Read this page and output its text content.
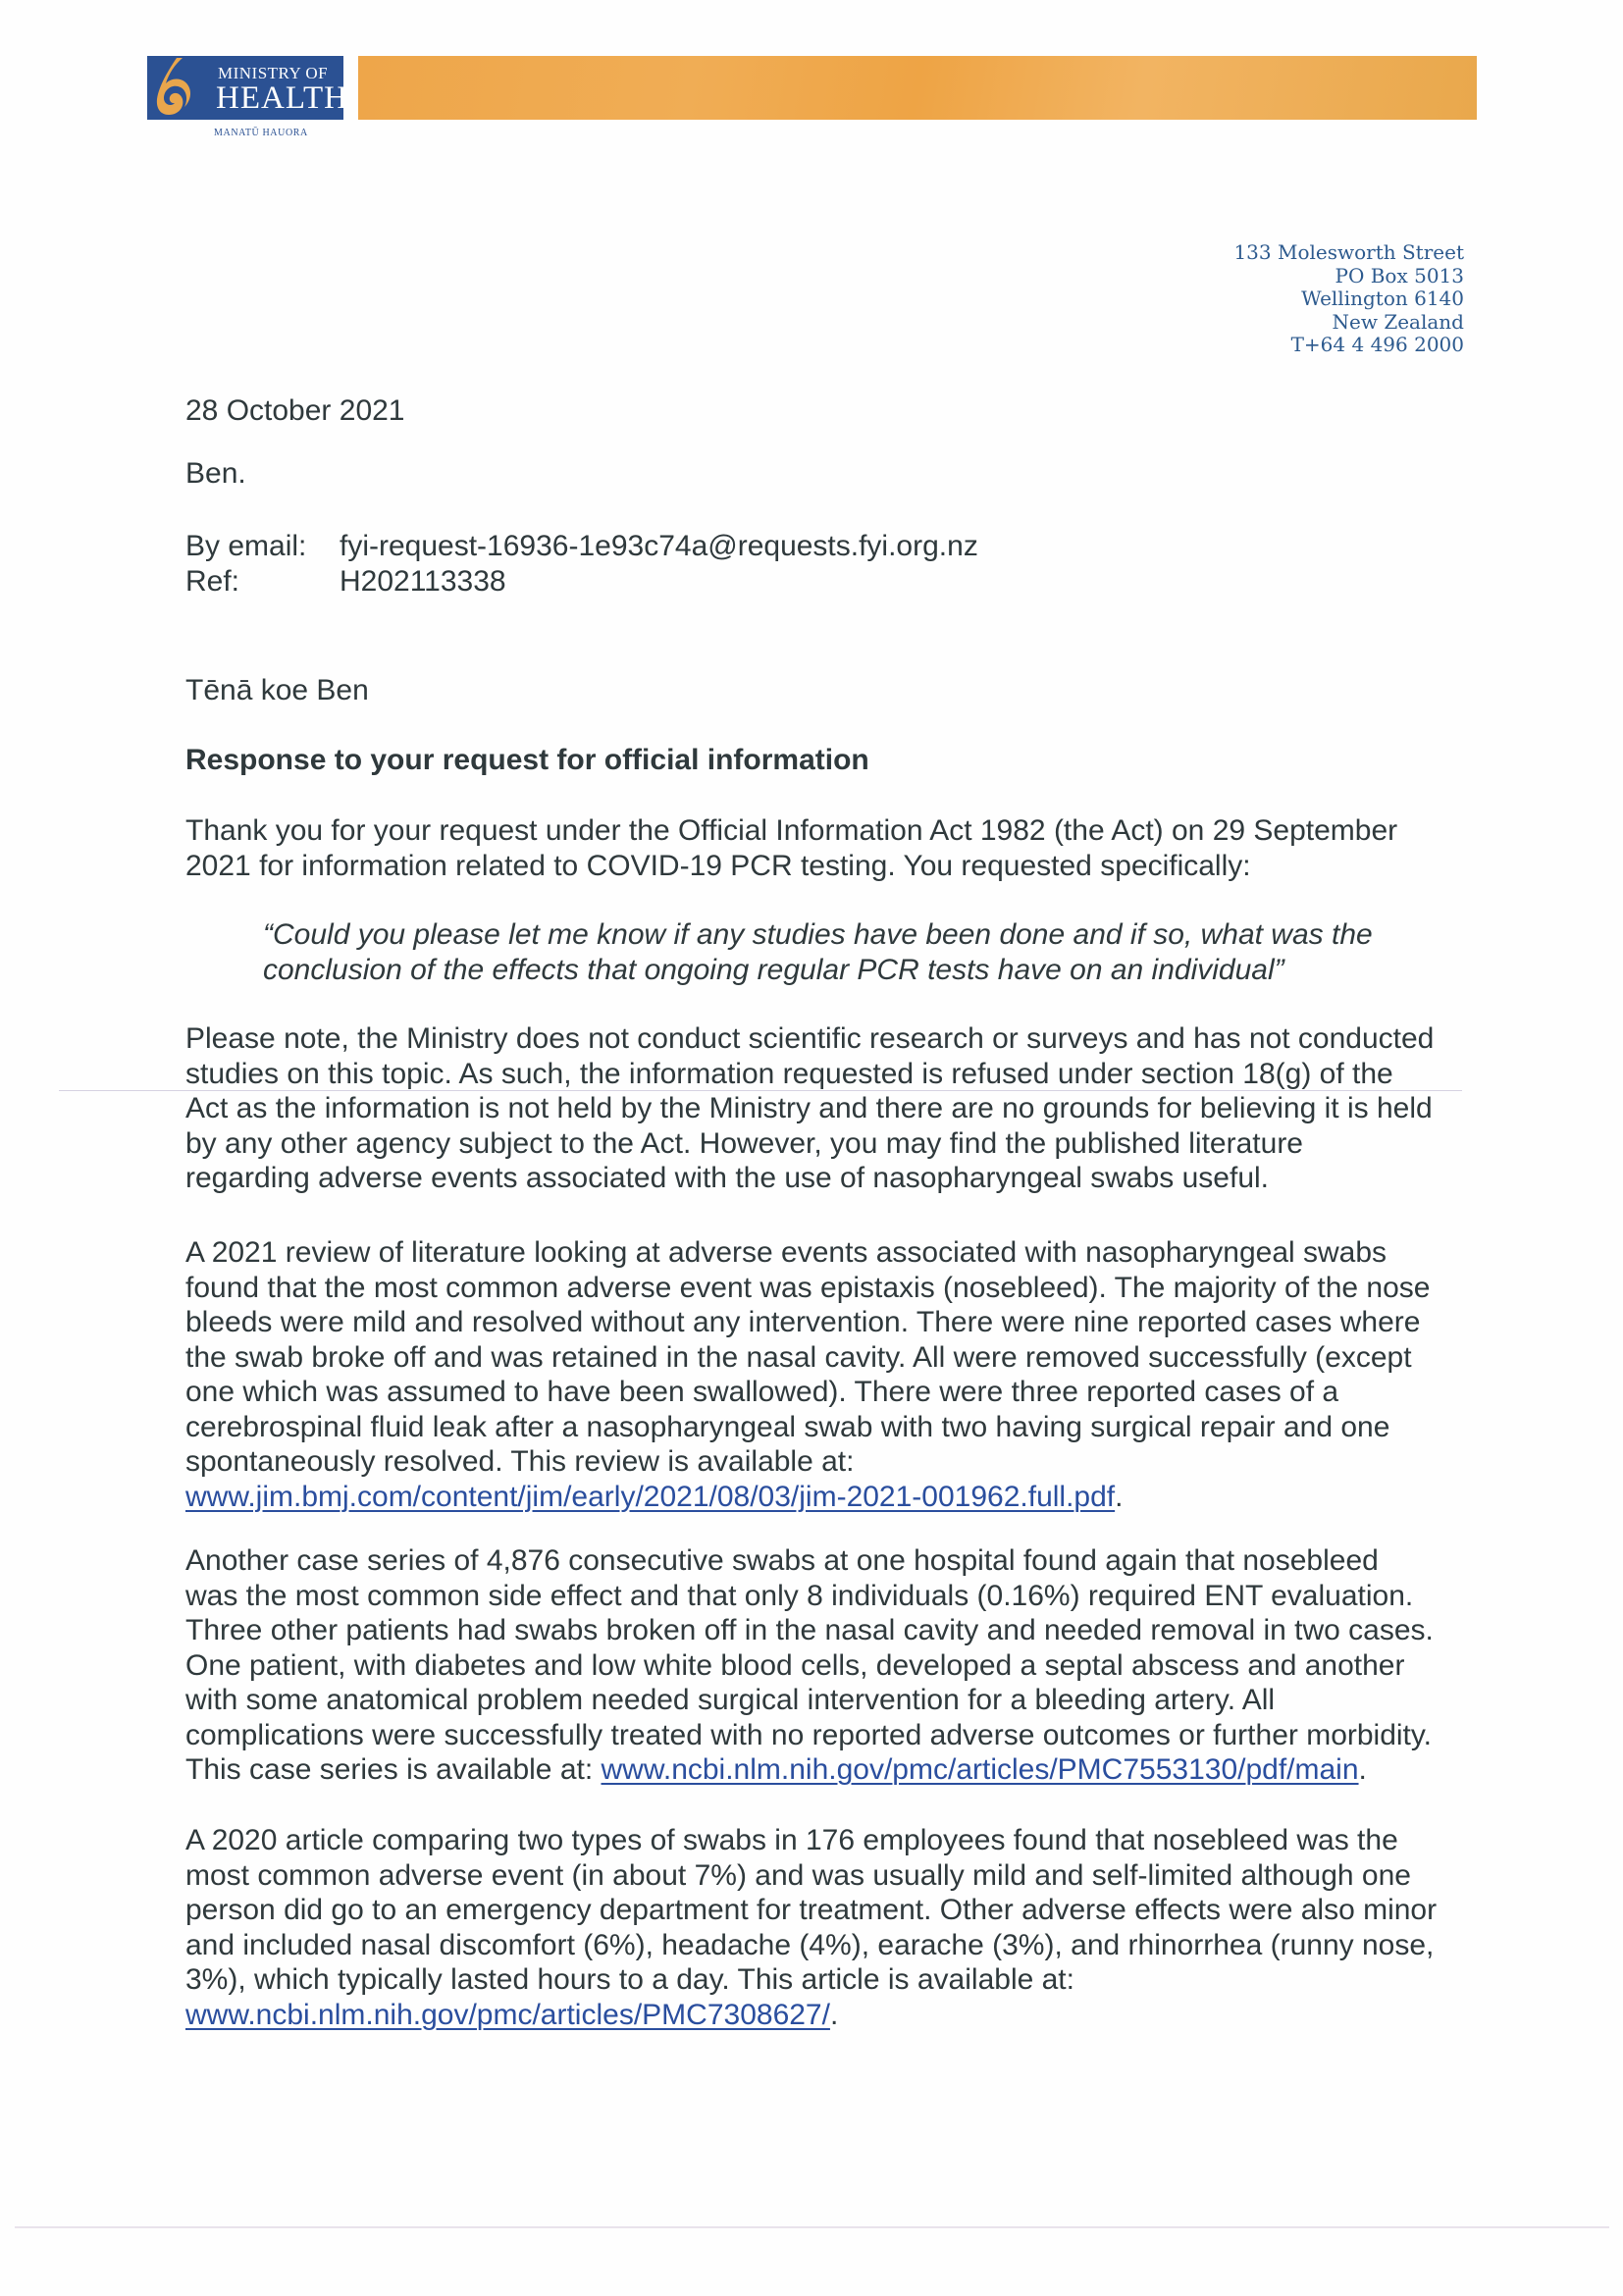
MINISTRY OF
HEALTH
MANATŪ HAUORA
133 Molesworth Street
PO Box 5013
Wellington 6140
New Zealand
T+64 4 496 2000
28 October 2021
Ben.
By email:	fyi-request-16936-1e93c74a@requests.fyi.org.nz
Ref:	H202113338
Tēnā koe Ben
Response to your request for official information
Thank you for your request under the Official Information Act 1982 (the Act) on 29 September
2021 for information related to COVID-19 PCR testing. You requested specifically:
“Could you please let me know if any studies have been done and if so, what was the
conclusion of the effects that ongoing regular PCR tests have on an individual”
Please note, the Ministry does not conduct scientific research or surveys and has not conducted
studies on this topic. As such, the information requested is refused under section 18(g) of the
Act as the information is not held by the Ministry and there are no grounds for believing it is held
by any other agency subject to the Act. However, you may find the published literature
regarding adverse events associated with the use of nasopharyngeal swabs useful.
A 2021 review of literature looking at adverse events associated with nasopharyngeal swabs
found that the most common adverse event was epistaxis (nosebleed). The majority of the nose
bleeds were mild and resolved without any intervention. There were nine reported cases where
the swab broke off and was retained in the nasal cavity. All were removed successfully (except
one which was assumed to have been swallowed). There were three reported cases of a
cerebrospinal fluid leak after a nasopharyngeal swab with two having surgical repair and one
spontaneously resolved. This review is available at:
www.jim.bmj.com/content/jim/early/2021/08/03/jim-2021-001962.full.pdf.
Another case series of 4,876 consecutive swabs at one hospital found again that nosebleed
was the most common side effect and that only 8 individuals (0.16%) required ENT evaluation.
Three other patients had swabs broken off in the nasal cavity and needed removal in two cases.
One patient, with diabetes and low white blood cells, developed a septal abscess and another
with some anatomical problem needed surgical intervention for a bleeding artery. All
complications were successfully treated with no reported adverse outcomes or further morbidity.
This case series is available at: www.ncbi.nlm.nih.gov/pmc/articles/PMC7553130/pdf/main.
A 2020 article comparing two types of swabs in 176 employees found that nosebleed was the
most common adverse event (in about 7%) and was usually mild and self-limited although one
person did go to an emergency department for treatment. Other adverse effects were also minor
and included nasal discomfort (6%), headache (4%), earache (3%), and rhinorrhea (runny nose,
3%), which typically lasted hours to a day. This article is available at:
www.ncbi.nlm.nih.gov/pmc/articles/PMC7308627/.
